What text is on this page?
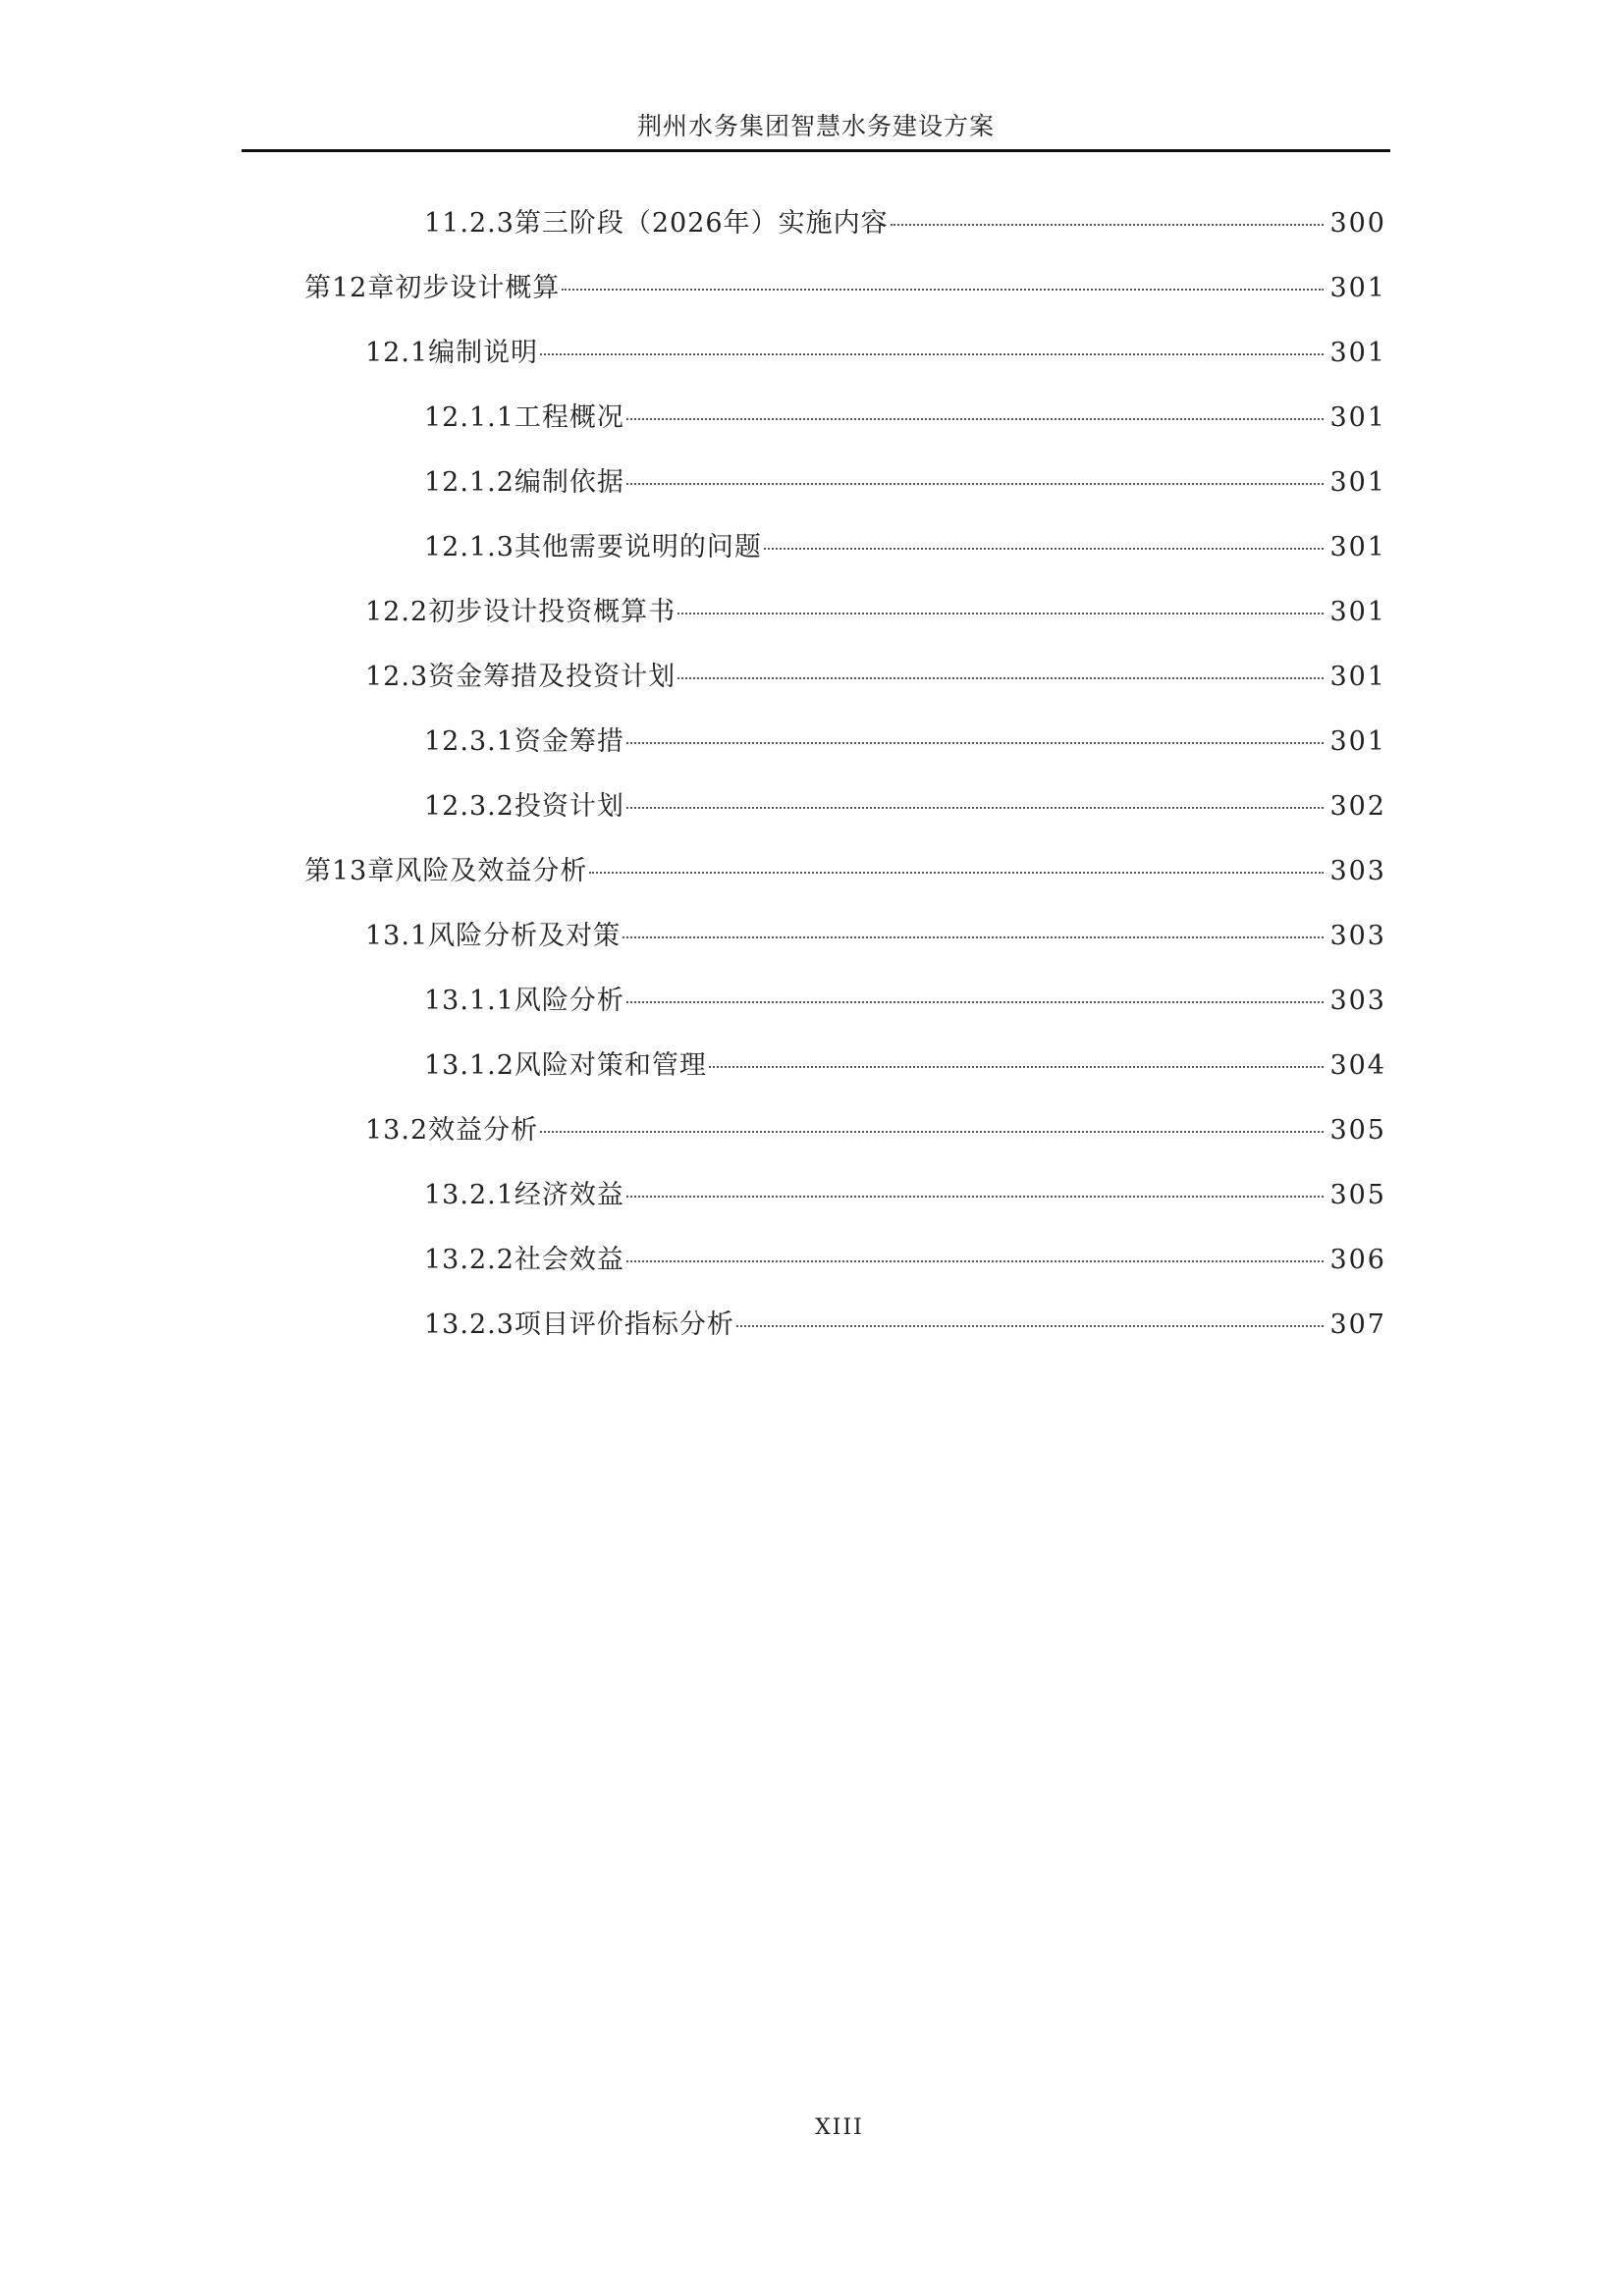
荆州水务集团智慧水务建设方案
11.2.3第三阶段（2026年）实施内容	300
第12章初步设计概算	301
12.1编制说明	301
12.1.1工程概况	301
12.1.2编制依据	301
12.1.3其他需要说明的问题	301
12.2初步设计投资概算书	301
12.3资金筹措及投资计划	301
12.3.1资金筹措	301
12.3.2投资计划	302
第13章风险及效益分析	303
13.1风险分析及对策	303
13.1.1风险分析	303
13.1.2风险对策和管理	304
13.2效益分析	305
13.2.1经济效益	305
13.2.2社会效益	306
13.2.3项目评价指标分析	307
XIII
